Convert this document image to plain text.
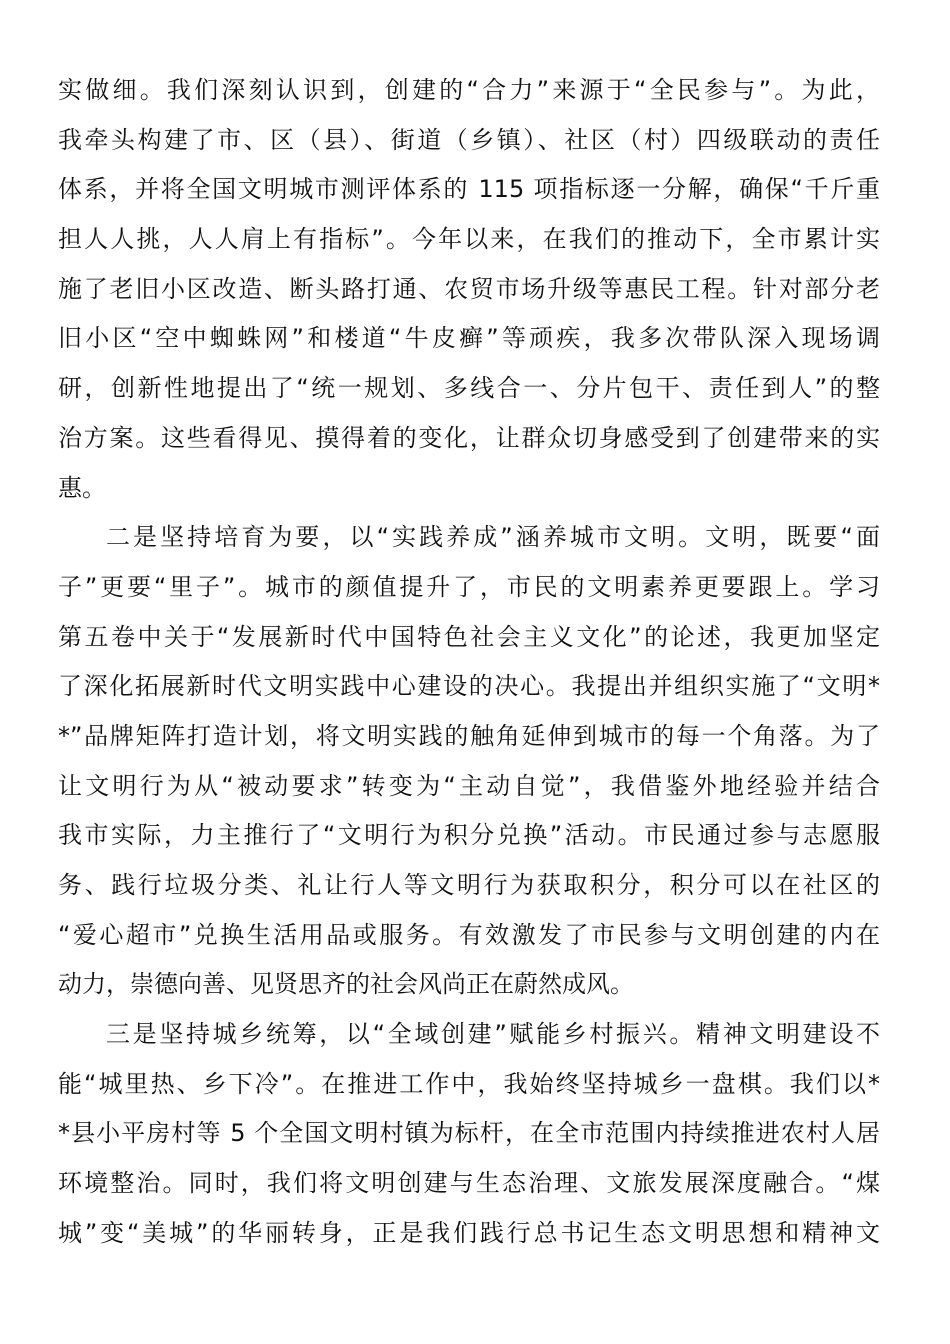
实做细。我们深刻认识到，创建的“合力”来源于“全民参与”。为此，
我牵头构建了市、区（县）、街道（乡镇）、社区（村）四级联动的责任
体系，并将全国文明城市测评体系的 115 项指标逐一分解，确保“千斤重
担人人挑，人人肩上有指标”。今年以来，在我们的推动下，全市累计实
施了老旧小区改造、断头路打通、农贸市场升级等惠民工程。针对部分老
旧小区“空中蜘蛛网”和楼道“牛皮癣”等顽疾，我多次带队深入现场调
研，创新性地提出了“统一规划、多线合一、分片包干、责任到人”的整
治方案。这些看得见、摸得着的变化，让群众切身感受到了创建带来的实
惠。
二是坚持培育为要，以“实践养成”涵养城市文明。文明，既要“面
子”更要“里子”。城市的颜值提升了，市民的文明素养更要跟上。学习
第五卷中关于“发展新时代中国特色社会主义文化”的论述，我更加坚定
了深化拓展新时代文明实践中心建设的决心。我提出并组织实施了“文明*
*”品牌矩阵打造计划，将文明实践的触角延伸到城市的每一个角落。为了
让文明行为从“被动要求”转变为“主动自觉”，我借鉴外地经验并结合
我市实际，力主推行了“文明行为积分兑换”活动。市民通过参与志愿服
务、践行垃圾分类、礼让行人等文明行为获取积分，积分可以在社区的
“爱心超市”兑换生活用品或服务。有效激发了市民参与文明创建的内在
动力，崇德向善、见贤思齐的社会风尚正在蔚然成风。
三是坚持城乡统筹，以“全域创建”赋能乡村振兴。精神文明建设不
能“城里热、乡下冷”。在推进工作中，我始终坚持城乡一盘棋。我们以*
*县小平房村等 5 个全国文明村镇为标杆，在全市范围内持续推进农村人居
环境整治。同时，我们将文明创建与生态治理、文旅发展深度融合。“煤
城”变“美城”的华丽转身，正是我们践行总书记生态文明思想和精神文
